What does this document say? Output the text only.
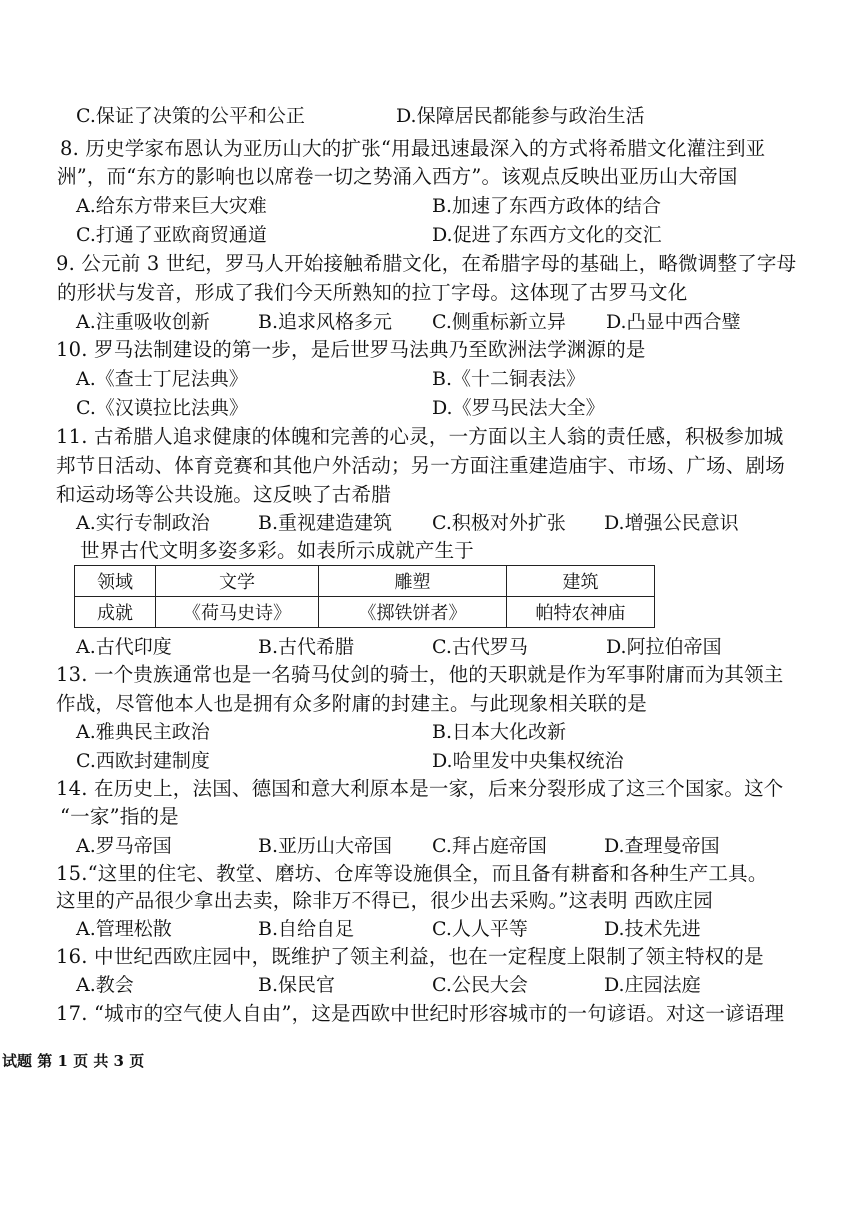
C.保证了决策的公平和公正	D.保障居民都能参与政治生活
8. 历史学家布恩认为亚历山大的扩张“用最迅速最深入的方式将希腊文化灌注到亚
洲”，而“东方的影响也以席卷一切之势涌入西方”。该观点反映出亚历山大帝国
A.给东方带来巨大灾难	B.加速了东西方政体的结合
C.打通了亚欧商贸通道	D.促进了东西方文化的交汇
9. 公元前 3 世纪，罗马人开始接触希腊文化，在希腊字母的基础上，略微调整了字母
的形状与发音，形成了我们今天所熟知的拉丁字母。这体现了古罗马文化
A.注重吸收创新	B.追求风格多元 C.侧重标新立异 D.凸显中西合璧
10. 罗马法制建设的第一步，是后世罗马法典乃至欧洲法学渊源的是
A.《查士丁尼法典》	B.《十二铜表法》
C.《汉谟拉比法典》	D.《罗马民法大全》
11. 古希腊人追求健康的体魄和完善的心灵，一方面以主人翁的责任感，积极参加城
邦节日活动、体育竞赛和其他户外活动；另一方面注重建造庙宇、市场、广场、剧场
和运动场等公共设施。这反映了古希腊
A.实行专制政治	B.重视建造建筑 C.积极对外扩张 D.增强公民意识
世界古代文明多姿多彩。如表所示成就产生于
领域	文学	雕塑	建筑
成就	《荷马史诗》	《掷铁饼者》	帕特农神庙
A.古代印度	B.古代希腊	C.古代罗马	D.阿拉伯帝国
13. 一个贵族通常也是一名骑马仗剑的骑士，他的天职就是作为军事附庸而为其领主
作战，尽管他本人也是拥有众多附庸的封建主。与此现象相关联的是
A.雅典民主政治	B.日本大化改新
C.西欧封建制度	D.哈里发中央集权统治
14. 在历史上，法国、德国和意大利原本是一家，后来分裂形成了这三个国家。这个
“一家”指的是
A.罗马帝国	B.亚历山大帝国 C.拜占庭帝国	D.查理曼帝国
15.“这里的住宅、教堂、磨坊、仓库等设施俱全，而且备有耕畜和各种生产工具。
这里的产品很少拿出去卖，除非万不得已，很少出去采购。”这表明 西欧庄园
A.管理松散	B.自给自足	C.人人平等	D.技术先进
16. 中世纪西欧庄园中，既维护了领主利益，也在一定程度上限制了领主特权的是
A.教会	B.保民官	C.公民大会	D.庄园法庭
17. “城市的空气使人自由”，这是西欧中世纪时形容城市的一句谚语。对这一谚语理
试题 第 1 页 共 3 页
